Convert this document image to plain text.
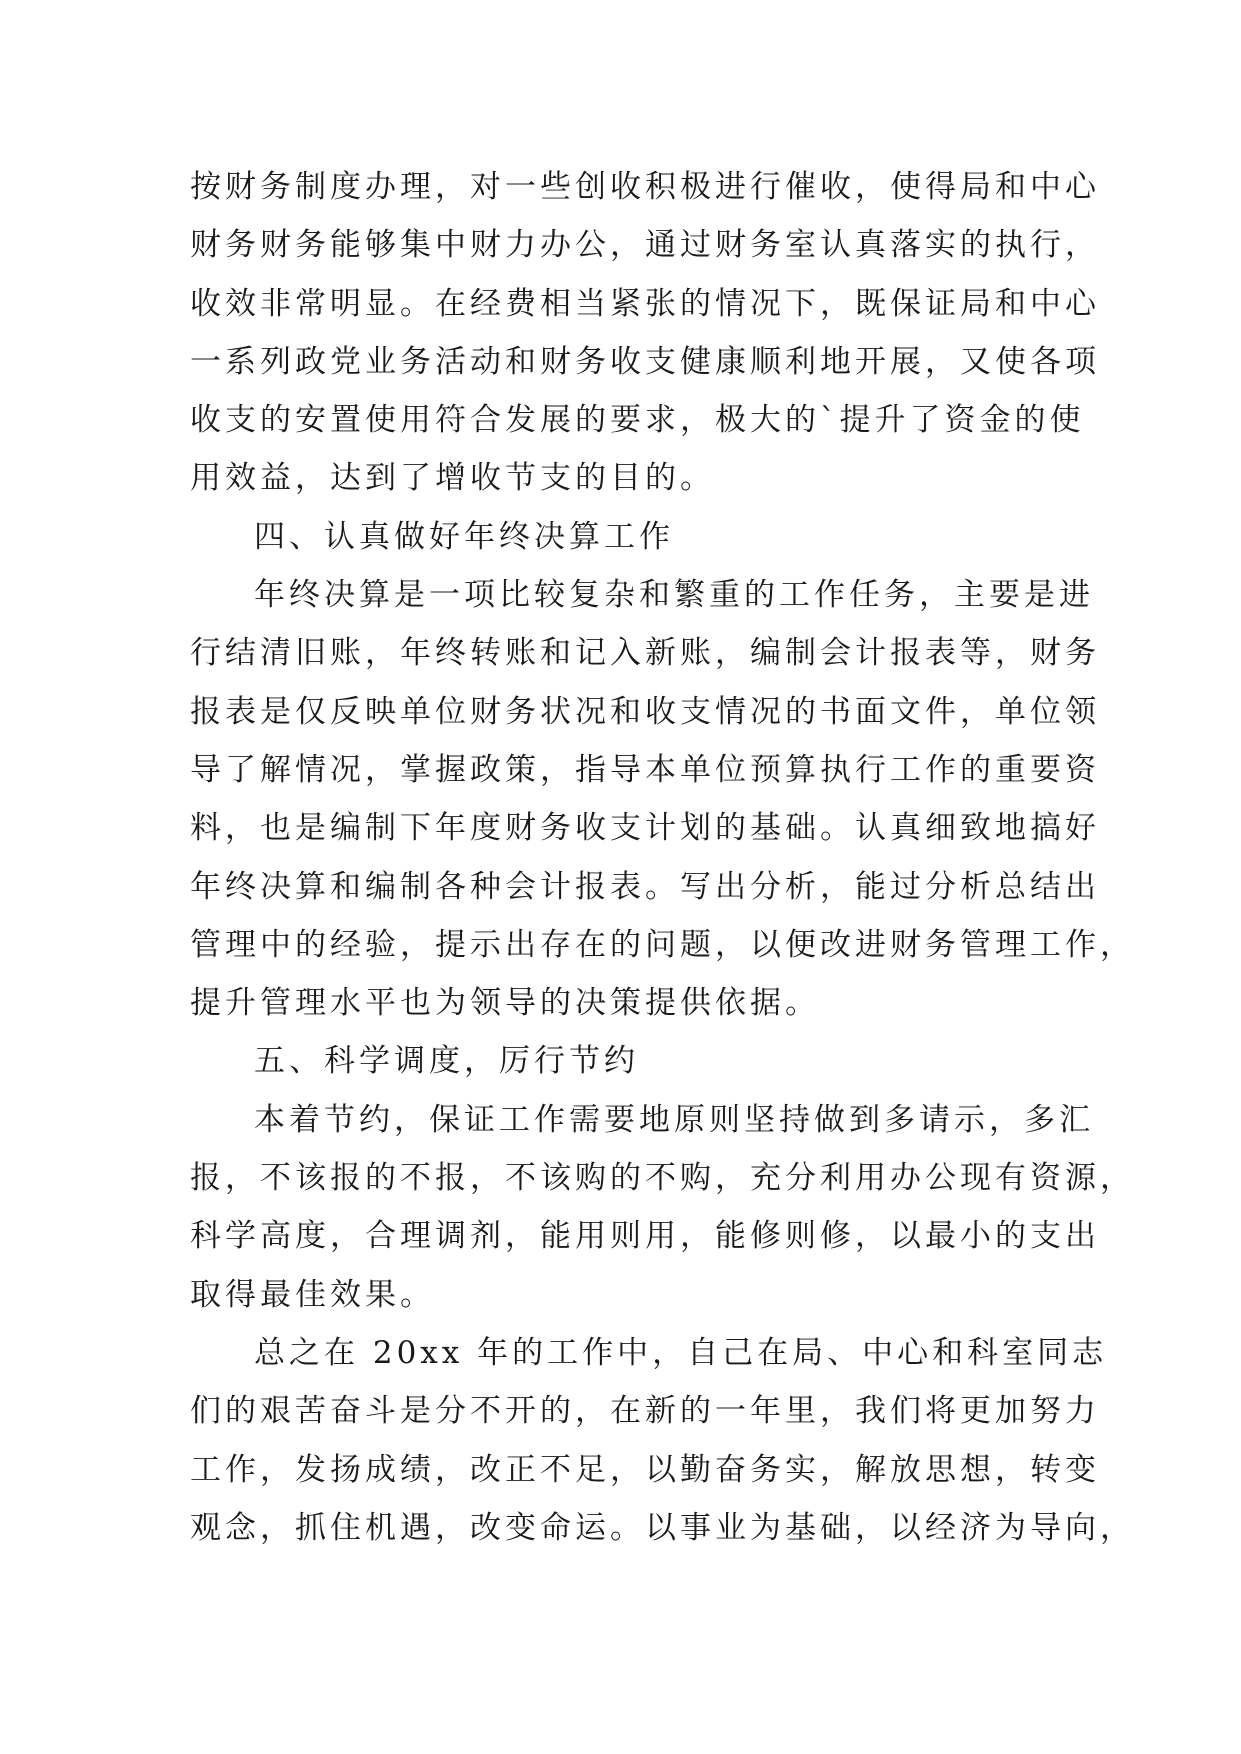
按财务制度办理，对一些创收积极进行催收，使得局和中心
财务财务能够集中财力办公，通过财务室认真落实的执行，
收效非常明显。在经费相当紧张的情况下，既保证局和中心
一系列政党业务活动和财务收支健康顺利地开展，又使各项
收支的安置使用符合发展的要求，极大的`提升了资金的使
用效益，达到了增收节支的目的。
四、认真做好年终决算工作
年终决算是一项比较复杂和繁重的工作任务，主要是进
行结清旧账，年终转账和记入新账，编制会计报表等，财务
报表是仅反映单位财务状况和收支情况的书面文件，单位领
导了解情况，掌握政策，指导本单位预算执行工作的重要资
料，也是编制下年度财务收支计划的基础。认真细致地搞好
年终决算和编制各种会计报表。写出分析，能过分析总结出
管理中的经验，提示出存在的问题，以便改进财务管理工作，
提升管理水平也为领导的决策提供依据。
五、科学调度，厉行节约
本着节约，保证工作需要地原则坚持做到多请示，多汇
报，不该报的不报，不该购的不购，充分利用办公现有资源，
科学高度，合理调剂，能用则用，能修则修，以最小的支出
取得最佳效果。
总之在 20xx 年的工作中，自己在局、中心和科室同志
们的艰苦奋斗是分不开的，在新的一年里，我们将更加努力
工作，发扬成绩，改正不足，以勤奋务实，解放思想，转变
观念，抓住机遇，改变命运。以事业为基础，以经济为导向，
